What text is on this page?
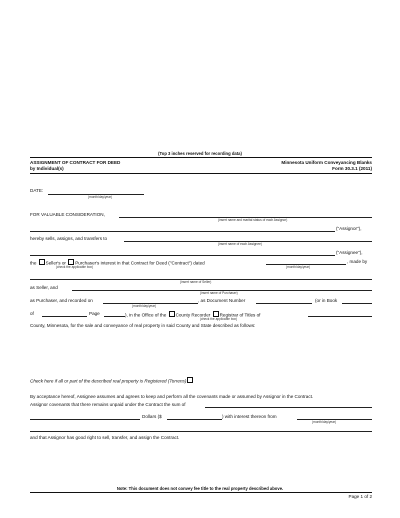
(Top 3 inches reserved for recording data)
ASSIGNMENT OF CONTRACT FOR DEED
by Individual(s)
Minnesota Uniform Conveyancing Blanks
Form 30.3.1 (2011)
DATE:
(month/day/year)
FOR VALUABLE CONSIDERATION,
(insert name and marital status of each Assignor)
("Assignor"),
hereby sells, assigns, and transfers to
(insert name of each Assignee)
("Assignee"),
the Seller's or Purchaser's interest in that Contract for Deed ("Contract") dated	, made by
(check the applicable box)	(month/day/year)
(insert name of Seller)
as Seller, and
(insert name of Purchaser)
as Purchaser, and recorded on	, as Document Number	(or in Book
(month/day/year)
of	Page	), in the Office of the County Recorder Registrar of Titles of
(check the applicable box)
County, Minnesota, for the sale and conveyance of real property in said County and State described as follows:
Check here if all or part of the described real property is Registered (Torrens)
By acceptance hereof, Assignee assumes and agrees to keep and perform all the covenants made or assumed by Assignor in the Contract.
Assignor covenants that there remains unpaid under the Contract the sum of
Dollars ($	) with interest thereon from
(month/day/year)
and that Assignor has good right to sell, transfer, and assign the Contract.
Note: This document does not convey fee title to the real property described above.
Page 1 of 2
